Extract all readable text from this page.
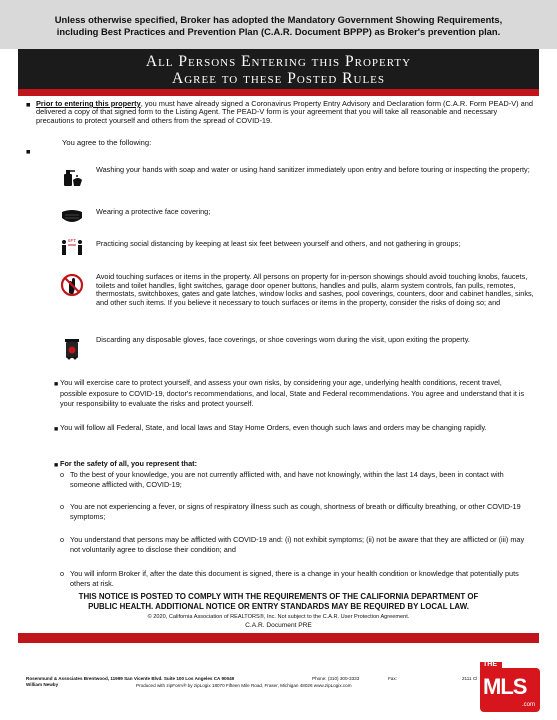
Unless otherwise specified, Broker has adopted the Mandatory Government Showing Requirements,
including Best Practices and Prevention Plan (C.A.R. Document BPPP) as Broker's prevention plan.
All Persons Entering this Property
Agree to these Posted Rules
■ Prior to entering this property, you must have already signed a Coronavirus Property Entry Advisory and Declaration form (C.A.R. Form PEAD-V) and delivered a copy of that signed form to the Listing Agent. The PEAD-V form is your agreement that you will take all reasonable and necessary precautions to protect yourself and others from the spread of COVID-19.
■
You agree to the following:
Washing your hands with soap and water or using hand sanitizer immediately upon entry and before touring or inspecting the property;
Wearing a protective face covering;
6FT	Practicing social distancing by keeping at least six feet between yourself and others, and not gathering in groups;
Avoid touching surfaces or items in the property. All persons on property for in-person showings should avoid touching knobs, faucets, toilets and toilet handles, light switches, garage door opener buttons, handles and pulls, alarm system controls, fan pulls, remotes, thermostats, switchboxes, gates and gate latches, window locks and sashes, pool coverings, counters, door and cabinet handles, sinks, and other such items. If you believe it necessary to touch surfaces or items in the property, consider the risks of doing so; and
Discarding any disposable gloves, face coverings, or shoe coverings worn during the visit, upon exiting the property.
■ You will exercise care to protect yourself, and assess your own risks, by considering your age, underlying health conditions, recent travel, possible exposure to COVID-19, doctor's recommendations, and local, State and Federal recommendations. You agree and understand that it is your responsibility to evaluate the risks and protect yourself.
■ You will follow all Federal, State, and local laws and Stay Home Orders, even though such laws and orders may be changing rapidly.
■ For the safety of all, you represent that:
o To the best of your knowledge, you are not currently afflicted with, and have not knowingly, within the last 14 days, been in contact with someone afflicted with, COVID-19;
o You are not experiencing a fever, or signs of respiratory illness such as cough, shortness of breath or difficulty breathing, or other COVID-19 symptoms;
o You understand that persons may be afflicted with COVID-19 and: (i) not exhibit symptoms; (ii) not be aware that they are afflicted or (iii) may not voluntarily agree to disclose their condition; and
o You will inform Broker if, after the date this document is signed, there is a change in your health condition or knowledge that potentially puts others at risk.
THIS NOTICE IS POSTED TO COMPLY WITH THE REQUIREMENTS OF THE CALIFORNIA DEPARTMENT OF
PUBLIC HEALTH. ADDITIONAL NOTICE OR ENTRY STANDARDS MAY BE REQUIRED BY LOCAL LAW.
© 2020, California Association of REALTORS®, Inc. Not subject to the C.A.R. User Protection Agreement.
C.A.R. Document PRE
Rosenmund & Associates Brentwood, 11999 San Vicente Blvd. Suite 100 Los Angeles CA 90049
William Newby
Phone: (310) 300-3333	Fax:	2111 Cl
Produced with zipForm® by zipLogix 18070 Fifteen Mile Road, Fraser, Michigan 48026 www.zipLogix.com
THE
MLS
.com
